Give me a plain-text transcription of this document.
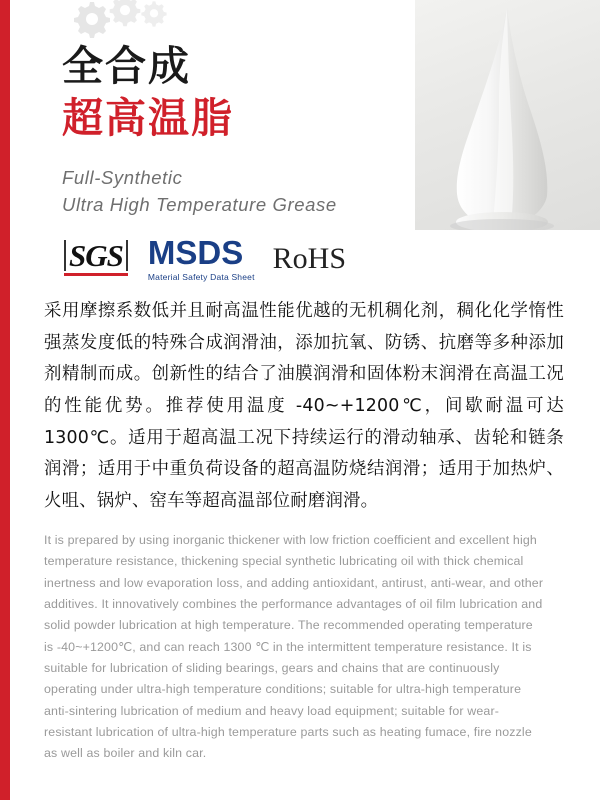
全合成
超高温脂
Full-Synthetic
Ultra High Temperature Grease
SGS MSDS
Material Safety Data Sheet
RoHS
采用摩擦系数低并且耐高温性能优越的无机稠化剂，稠化化学惰性强蒸发度低的特殊合成润滑油，添加抗氧、防锈、抗磨等多种添加剂精制而成。创新性的结合了油膜润滑和固体粉末润滑在高温工况的性能优势。推荐使用温度 -40~+1200℃，间歇耐温可达 1300℃。适用于超高温工况下持续运行的滑动轴承、齿轮和链条润滑；适用于中重负荷设备的超高温防烧结润滑；适用于加热炉、火咀、锅炉、窑车等超高温部位耐磨润滑。
It is prepared by using inorganic thickener with low friction coefficient and excellent high temperature resistance, thickening special synthetic lubricating oil with thick chemical inertness and low evaporation loss, and adding antioxidant, antirust, anti-wear, and other additives. It innovatively combines the performance advantages of oil film lubrication and solid powder lubrication at high temperature. The recommended operating temperature is -40~+1200℃, and can reach 1300 ℃ in the intermittent temperature resistance. It is suitable for lubrication of sliding bearings, gears and chains that are continuously operating under ultra-high temperature conditions; suitable for ultra-high temperature anti-sintering lubrication of medium and heavy load equipment; suitable for wear-resistant lubrication of ultra-high temperature parts such as heating fumace, fire nozzle as well as boiler and kiln car.
